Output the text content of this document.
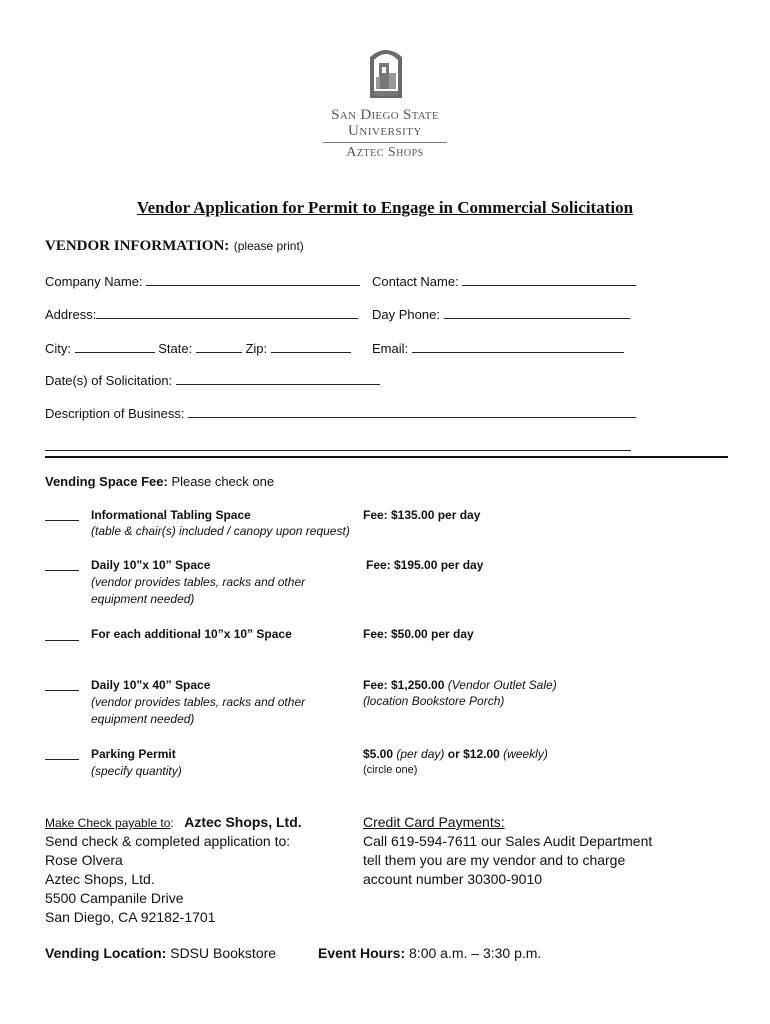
San Diego State
University
Aztec Shops
Vendor Application for Permit to Engage in Commercial Solicitation
VENDOR INFORMATION: (please print)
Company Name:	Contact Name:
Address:	Day Phone:
City:	State:	Zip:	Email:
Date(s) of Solicitation:
Description of Business:
Vending Space Fee: Please check one
Informational Tabling Space
(table & chair(s) included / canopy upon request)
Fee: $135.00 per day
Daily 10”x 10” Space
(vendor provides tables, racks and other
equipment needed)
Fee: $195.00 per day
For each additional 10”x 10” Space	Fee: $50.00 per day
Daily 10”x 40” Space
(vendor provides tables, racks and other
equipment needed)
Fee: $1,250.00 (Vendor Outlet Sale)
(location Bookstore Porch)
Parking Permit
(specify quantity)
$5.00 (per day) or $12.00 (weekly)
(circle one)
Make Check payable to: Aztec Shops, Ltd.
Send check & completed application to:
Rose Olvera
Aztec Shops, Ltd.
5500 Campanile Drive
San Diego, CA 92182-1701
Credit Card Payments:
Call 619-594-7611 our Sales Audit Department
tell them you are my vendor and to charge
account number 30300-9010
Vending Location: SDSU Bookstore	Event Hours: 8:00 a.m. – 3:30 p.m.
